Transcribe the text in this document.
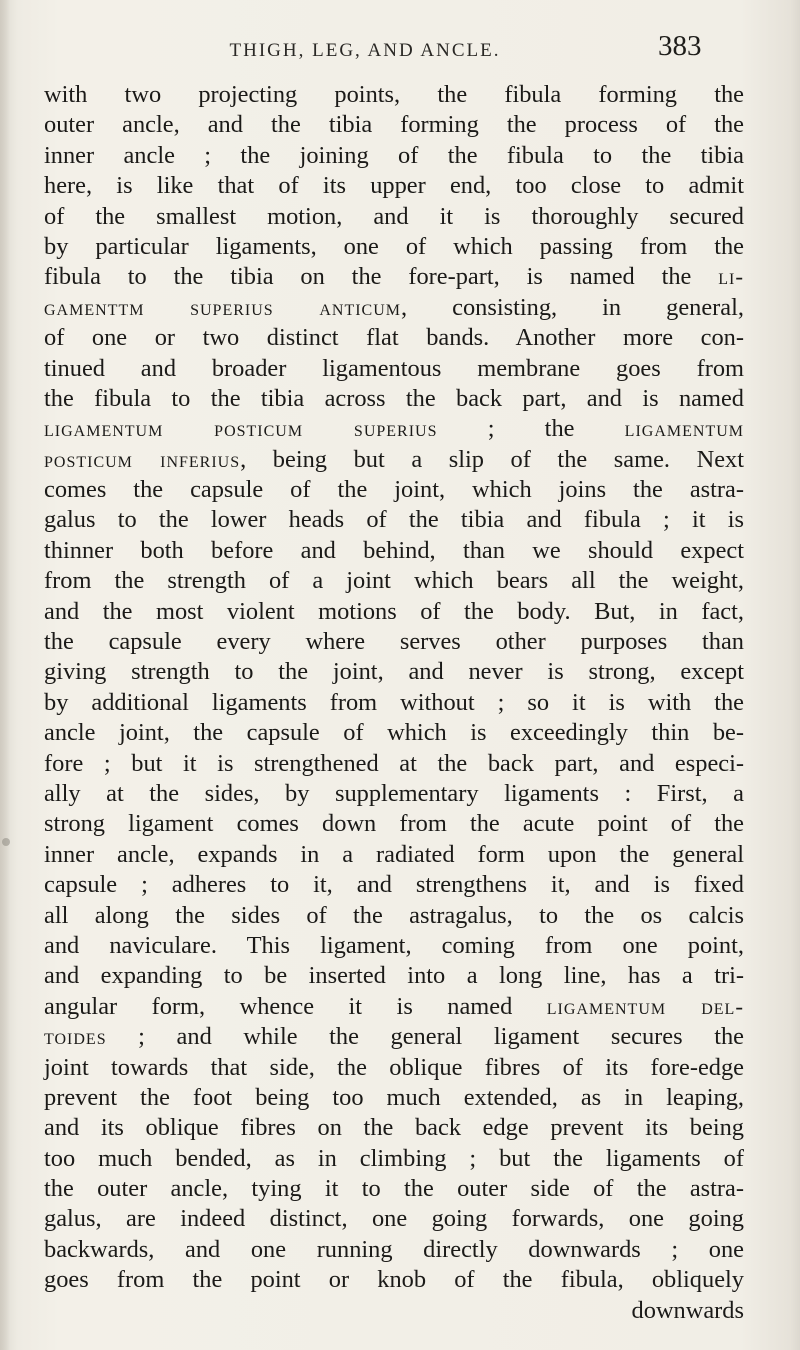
THIGH, LEG, AND ANCLE.	383
with two projecting points, the fibula forming the
outer ancle, and the tibia forming the process of the
inner ancle ; the joining of the fibula to the tibia
here, is like that of its upper end, too close to admit
of the smallest motion, and it is thoroughly secured
by particular ligaments, one of which passing from the
fibula to the tibia on the fore-part, is named the li-
gamenttm superius anticum, consisting, in general,
of one or two distinct flat bands. Another more con-
tinued and broader ligamentous membrane goes from
the fibula to the tibia across the back part, and is named
ligamentum posticum superius ; the ligamentum
posticum inferius, being but a slip of the same. Next
comes the capsule of the joint, which joins the astra-
galus to the lower heads of the tibia and fibula ; it is
thinner both before and behind, than we should expect
from the strength of a joint which bears all the weight,
and the most violent motions of the body. But, in fact,
the capsule every where serves other purposes than
giving strength to the joint, and never is strong, except
by additional ligaments from without ; so it is with the
ancle joint, the capsule of which is exceedingly thin be-
fore ; but it is strengthened at the back part, and especi-
ally at the sides, by supplementary ligaments : First, a
strong ligament comes down from the acute point of the
inner ancle, expands in a radiated form upon the general
capsule ; adheres to it, and strengthens it, and is fixed
all along the sides of the astragalus, to the os calcis
and naviculare. This ligament, coming from one point,
and expanding to be inserted into a long line, has a tri-
angular form, whence it is named ligamentum del-
toides ; and while the general ligament secures the
joint towards that side, the oblique fibres of its fore-edge
prevent the foot being too much extended, as in leaping,
and its oblique fibres on the back edge prevent its being
too much bended, as in climbing ; but the ligaments of
the outer ancle, tying it to the outer side of the astra-
galus, are indeed distinct, one going forwards, one going
backwards, and one running directly downwards ; one
goes from the point or knob of the fibula, obliquely
downwards
